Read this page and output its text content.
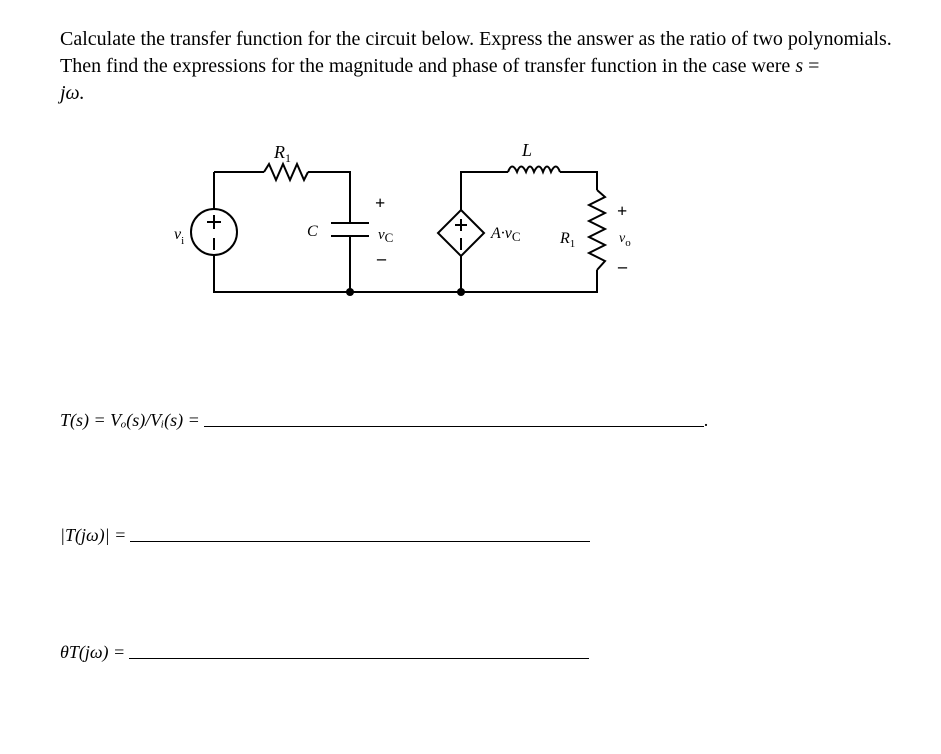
Calculate the transfer function for the circuit below. Express the answer as the ratio of two polynomials.
Then find the expressions for the magnitude and phase of transfer function in the case were s =
jω.
$R_1$	L
$v_i$
C
+
vC
–
A·vC $R_1$
+
$v_o$
–
T(s) = Vₒ(s)/Vᵢ(s) =	.
|T(jω)| =
θT(jω) =
